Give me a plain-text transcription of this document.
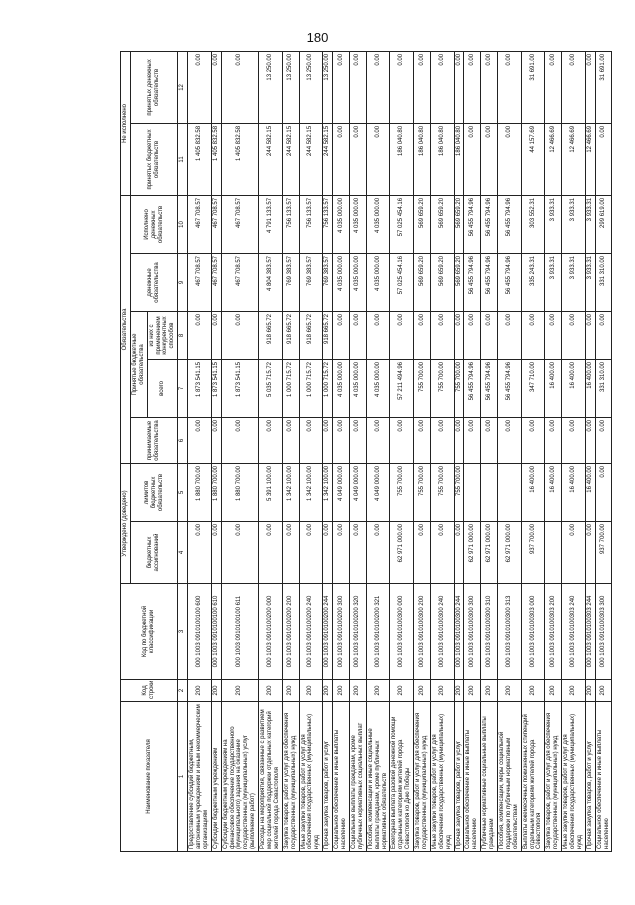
180
Наименование показателя	Код строки	Код по бюджетной классификации	Утверждено (доведено)		Обязательства					Не исполнено	
			бюджетных ассигнований	лимитов бюджетных обязательств	принимаемые обязательства	Принятые бюджетные обязательства		денежные обязательства	Исполнено денежных обязательств	принятых бюджетных обязательств	принятых денежных обязательств
						всего	из них с применением конкурентных способов				
1	2	3	4	5	6	7	8	9	10	11	12
Предоставление субсидий бюджетным, автономным учреждениям и иным некоммерческим организациям	200	000 1003 0910100100 600	0.00	1 880 700.00	0.00	1 873 541.15	0.00	467 708.57	467 708.57	1 405 832.58	0.00
Субсидии бюджетным учреждениям	200	000 1003 0910100100 610	0.00	1 880 700.00	0.00	1 873 541.15	0.00	467 708.57	467 708.57	1 405 832.58	0.00
Субсидии бюджетным учреждениям на финансовое обеспечение государственного (муниципального) задания на оказание государственных (муниципальных) услуг (выполнение работ)	200	000 1003 0910100100 611	0.00	1 880 700.00	0.00	1 873 541.15	0.00	467 708.57	467 708.57	1 405 832.58	0.00
Расходы на мероприятия, связанные с развитием мер социальной поддержки отдельных категорий жителей города Севастополя	200	000 1003 0910100200 000	0.00	5 391 100.00	0.00	5 035 715.72	918 665.72	4 804 383.57	4 791 133.57	244 582.15	13 250.00
Закупка товаров, работ и услуг для обеспечения государственных (муниципальных) нужд	200	000 1003 0910100200 200	0.00	1 342 100.00	0.00	1 000 715.72	918 665.72	769 383.57	756 133.57	244 582.15	13 250.00
Иные закупки товаров, работ и услуг для обеспечения государственных (муниципальных) нужд	200	000 1003 0910100200 240	0.00	1 342 100.00	0.00	1 000 715.72	918 665.72	769 383.57	756 133.57	244 582.15	13 250.00
Прочая закупка товаров, работ и услуг	200	000 1003 0910100200 244	0.00	1 342 100.00	0.00	1 000 715.72	918 665.72	769 383.57	756 133.57	244 582.15	13 250.00
Социальное обеспечение и иные выплаты населению	200	000 1003 0910100200 300	0.00	4 049 000.00	0.00	4 035 000.00	0.00	4 035 000.00	4 035 000.00	0.00	0.00
Социальные выплаты гражданам, кроме публичных нормативных социальных выплат	200	000 1003 0910100200 320	0.00	4 049 000.00	0.00	4 035 000.00	0.00	4 035 000.00	4 035 000.00	0.00	0.00
Пособия, компенсации и иные социальные выплаты гражданам, кроме публичных нормативных обязательств	200	000 1003 0910100200 321	0.00	4 049 000.00	0.00	4 035 000.00	0.00	4 035 000.00	4 035 000.00	0.00	0.00
Ежегодная выплата разовой денежной помощи отдельным категориям жителей города Севастополя ко Дню Победы	200	000 1003 0910100300 000	62 971 000.00	755 700.00	0.00	57 211 494.96	0.00	57 025 454.16	57 025 454.16	186 040.80	0.00
Закупка товаров, работ и услуг для обеспечения государственных (муниципальных) нужд	200	000 1003 0910100300 200	0.00	755 700.00	0.00	755 700.00	0.00	569 659.20	569 659.20	186 040.80	0.00
Иные закупки товаров, работ и услуг для обеспечения государственных (муниципальных) нужд	200	000 1003 0910100300 240	0.00	755 700.00	0.00	755 700.00	0.00	569 659.20	569 659.20	186 040.80	0.00
Прочая закупка товаров, работ и услуг	200	000 1003 0910100300 244	0.00	755 700.00	0.00	755 700.00	0.00	569 659.20	569 659.20	186 040.80	0.00
Социальное обеспечение и иные выплаты населению	200	000 1003 0910100300 300	62 971 000.00		0.00	56 455 794.96	0.00	56 455 794.96	56 455 794.96	0.00	0.00
Публичные нормативные социальные выплаты гражданам	200	000 1003 0910100300 310	62 971 000.00		0.00	56 455 794.96	0.00	56 455 794.96	56 455 794.96	0.00	0.00
Пособия, компенсации, меры социальной поддержки по публичным нормативным обязательствам	200	000 1003 0910100300 313	62 971 000.00		0.00	56 455 794.96	0.00	56 455 794.96	56 455 794.96	0.00	0.00
Выплаты ежемесячных пожизненных стипендий отдельным категориям жителей города Севастополя	200	000 1003 0910100303 000	937 700.00	16 400.00	0.00	347 710.00	0.00	335 243.31	303 552.31	44 157.69	31 691.00
Закупка товаров, работ и услуг для обеспечения государственных (муниципальных) нужд	200	000 1003 0910100303 200		16 400.00	0.00	16 400.00	0.00	3 933.31	3 933.31	12 466.69	0.00
Иные закупки товаров, работ и услуг для обеспечения государственных (муниципальных) нужд	200	000 1003 0910100303 240	0.00	16 400.00	0.00	16 400.00	0.00	3 933.31	3 933.31	12 466.69	0.00
Прочая закупка товаров, работ и услуг	200	000 1003 0910100303 244	0.00	16 400.00	0.00	16 400.00	0.00	3 933.31	3 933.31	12 466.69	0.00
Социальное обеспечение и иные выплаты населению	200	000 1003 0910100303 300	937 700.00	0.00	0.00	331 310.00	0.00	331 310.00	299 619.00	0.00	31 691.00
